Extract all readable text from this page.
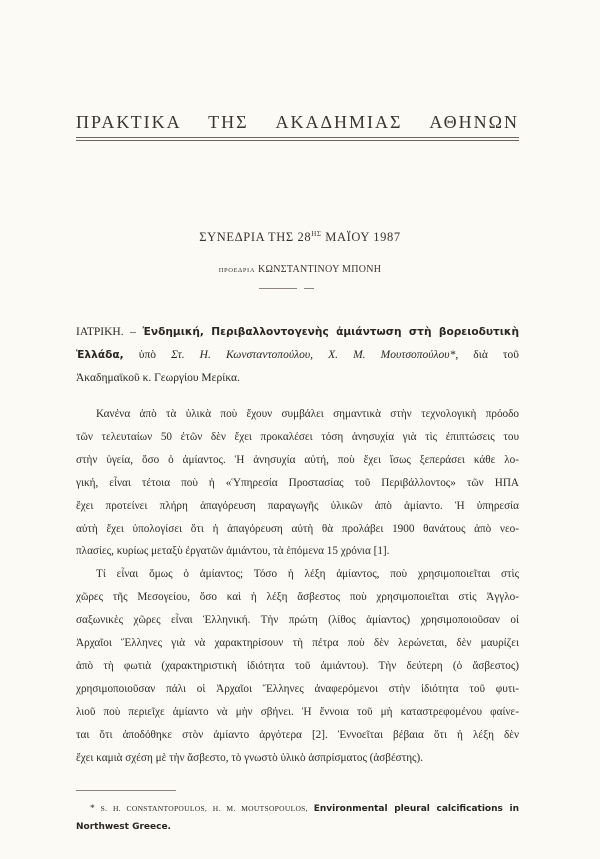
ΠΡΑΚΤΙΚΑ ΤΗΣ ΑΚΑΔΗΜΙΑΣ ΑΘΗΝΩΝ
ΣΥΝΕΔΡΙΑ ΤΗΣ $28^{H\Sigma}$ ΜΑΪΟΥ 1987
ΠΡΟΕΔΡΙΑ ΚΩΝΣΤΑΝΤΙΝΟΥ ΜΠΟΝΗ
ΙΑΤΡΙΚΗ. – Ἐνδημική, Περιβαλλοντογενὴς ἀμιάντωση στὴ βορειοδυτικὴ
Ἑλλάδα, ὑπὸ Στ. Η. Κωνσταντοπούλου, Χ. Μ. Μουτσοπούλου*, διὰ τοῦ
Ἀκαδημαϊκοῦ κ. Γεωργίου Μερίκα.
Κανένα ἀπὸ τὰ ὑλικὰ ποὺ ἔχουν συμβάλει σημαντικὰ στὴν τεχνολογικὴ πρόοδο
τῶν τελευταίων 50 ἐτῶν δὲν ἔχει προκαλέσει τόση ἀνησυχία γιὰ τὶς ἐπιπτώσεις του
στὴν ὑγεία, ὅσο ὁ ἀμίαντος. Ἡ ἀνησυχία αὐτή, ποὺ ἔχει ἴσως ξεπεράσει κάθε λο-
γική, εἶναι τέτοια ποὺ ἡ «Ὑπηρεσία Προστασίας τοῦ Περιβάλλοντος» τῶν ΗΠΑ
ἔχει προτείνει πλήρη ἀπαγόρευση παραγωγῆς ὑλικῶν ἀπὸ ἀμίαντο. Ἡ ὑπηρεσία
αὐτὴ ἔχει ὑπολογίσει ὅτι ἡ ἀπαγόρευση αὐτὴ θὰ προλάβει 1900 θανάτους ἀπὸ νεο-
πλασίες, κυρίως μεταξὺ ἐργατῶν ἀμιάντου, τὰ ἑπόμενα 15 χρόνια [1].
Τί εἶναι ὅμως ὁ ἀμίαντος; Τόσο ἡ λέξη ἀμίαντος, ποὺ χρησιμοποιεῖται στὶς
χῶρες τῆς Μεσογείου, ὅσο καὶ ἡ λέξη ἄσβεστος ποὺ χρησιμοποιεῖται στὶς Ἀγγλο-
σαξωνικὲς χῶρες εἶναι Ἑλληνική. Τὴν πρώτη (λίθος ἀμίαντος) χρησιμοποιοῦσαν οἱ
Ἀρχαῖοι Ἕλληνες γιὰ νὰ χαρακτηρίσουν τὴ πέτρα ποὺ δὲν λερώνεται, δὲν μαυρίζει
ἀπὸ τὴ φωτιὰ (χαρακτηριστικὴ ἰδιότητα τοῦ ἀμιάντου). Τὴν δεύτερη (ὁ ἄσβεστος)
χρησιμοποιοῦσαν πάλι οἱ Ἀρχαῖοι Ἕλληνες ἀναφερόμενοι στὴν ἰδιότητα τοῦ φυτι-
λιοῦ ποὺ περιεῖχε ἀμίαντο νὰ μὴν σβήνει. Ἡ ἔννοια τοῦ μὴ καταστρεφομένου φαίνε-
ται ὅτι ἀποδόθηκε στὸν ἀμίαντο ἀργότερα [2]. Ἐννοεῖται βέβαια ὅτι ἡ λέξη δὲν
ἔχει καμιὰ σχέση μὲ τὴν ἄσβεστο, τὸ γνωστὸ ὑλικὸ ἀσπρίσματος (ἀσβέστης).
* S. H. CONSTANTOPOULOS, H. M. MOUTSOPOULOS, Environmental pleural calcifications in
Northwest Greece.
